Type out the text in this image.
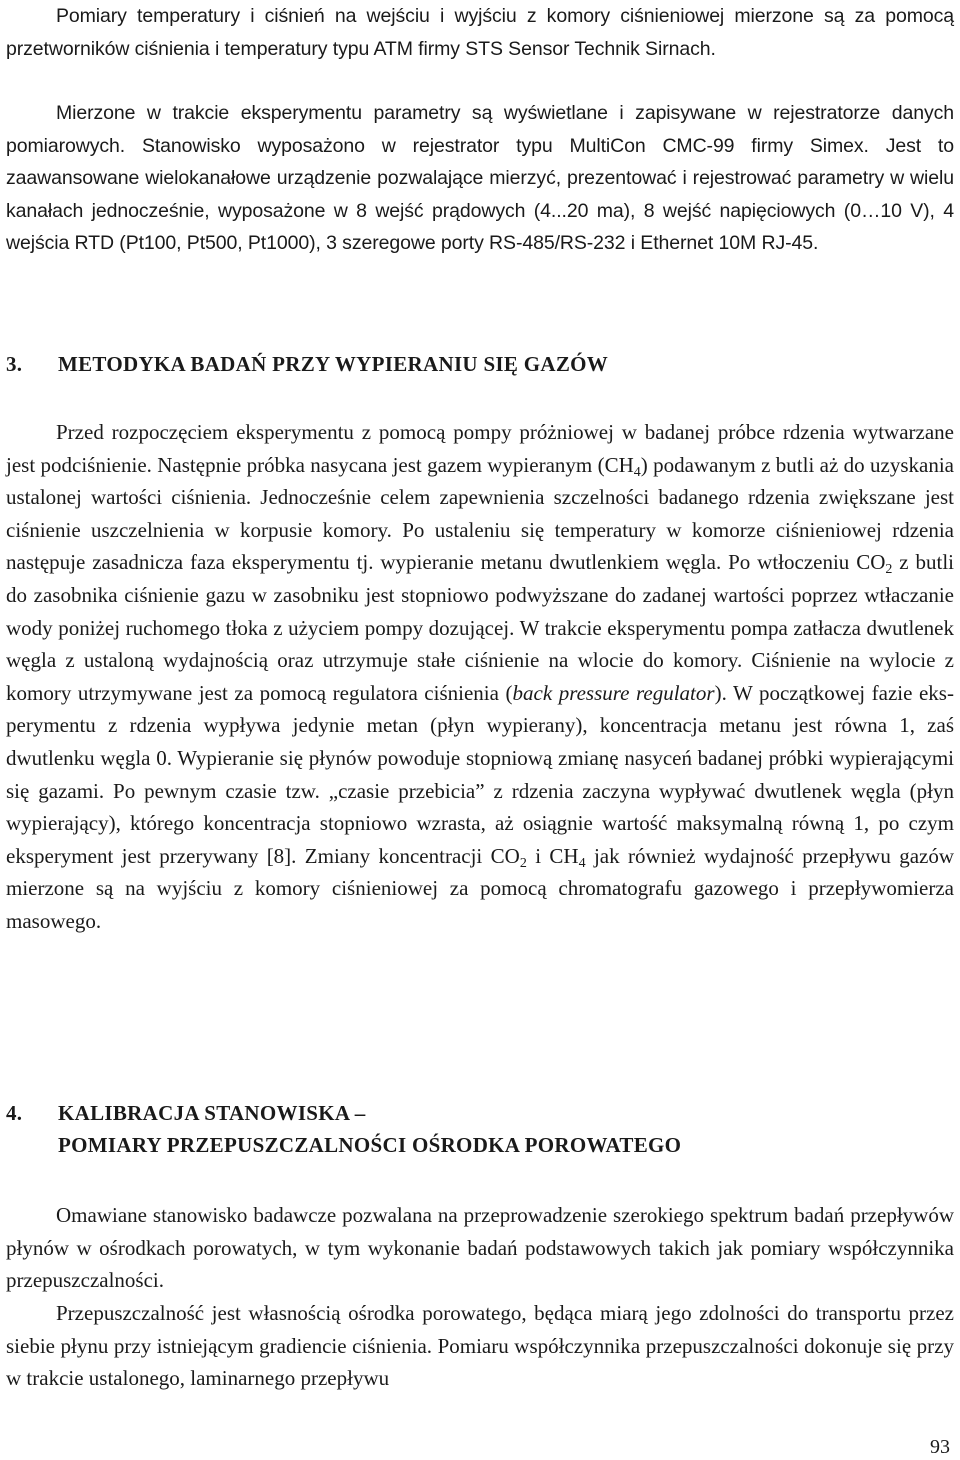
Pomiary temperatury i ciśnień na wejściu i wyjściu z komory ciśnieniowej mierzone są za pomocą przetworników ciśnienia i temperatury typu ATM firmy STS Sensor Technik Sirnach.

Mierzone w trakcie eksperymentu parametry są wyświetlane i zapisywane w rejestratorze danych pomiarowych. Stanowisko wyposażono w rejestrator typu MultiCon CMC-99 firmy Simex. Jest to zaawansowane wielokanałowe urządzenie pozwalające mierzyć, prezentować i rejestrować parametry w wielu kanałach jednocześnie, wyposażone w 8 wejść prądowych (4...20 ma), 8 wejść napięciowych (0…10 V), 4 wejścia RTD (Pt100, Pt500, Pt1000), 3 szeregowe porty RS-485/RS-232 i Ethernet 10M RJ-45.

3. METODYKA BADAŃ PRZY WYPIERANIU SIĘ GAZÓW

Przed rozpoczęciem eksperymentu z pomocą pompy próżniowej w badanej próbce rdzenia wytwarzane jest podciśnienie. Następnie próbka nasycana jest gazem wypieranym $(CH_4)$ podawanym z butli aż do uzyskania ustalonej wartości ciśnienia. Jednocześnie celem zapewnienia szczelności badanego rdzenia zwiększane jest ciśnienie uszczelnienia w korpusie komory. Po ustaleniu się temperatury w komorze ciśnieniowej rdzenia następuje zasadnicza faza eksperymentu tj. wypieranie metanu dwutlenkiem węgla. Po wtłoczeniu $CO_2$ z butli do zasobnika ciśnienie gazu w zasobniku jest stopniowo podwyższane do zadanej wartości poprzez wtłaczanie wody poniżej ruchomego tłoka z użyciem pompy dozującej. W trakcie eksperymentu pompa zatłacza dwutlenek węgla z ustaloną wydajnością oraz utrzymuje stałe ciśnienie na wlocie do komory. Ciśnienie na wylocie z komory utrzymywane jest za pomocą regulatora ciśnienia (back pressure regulator). W początkowej fazie eksperymentu z rdzenia wypływa jedynie metan (płyn wypierany), koncentracja metanu jest równa 1, zaś dwutlenku węgla 0. Wypieranie się płynów powoduje stopniową zmianę nasyceń badanej próbki wypierającymi się gazami. Po pewnym czasie tzw. „czasie przebicia” z rdzenia zaczyna wypływać dwutlenek węgla (płyn wypierający), którego koncentracja stopniowo wzrasta, aż osiągnie wartość maksymalną równą 1, po czym eksperyment jest przerywany [8]. Zmiany koncentracji $CO_2$ i $CH_4$ jak również wydajność przepływu gazów mierzone są na wyjściu z komory ciśnieniowej za pomocą chromatografu gazowego i przepływomierza masowego.

4. KALIBRACJA STANOWISKA –
POMIARY PRZEPUSZCZALNOŚCI OŚRODKA POROWATEGO

Omawiane stanowisko badawcze pozwalana na przeprowadzenie szerokiego spektrum badań przepływów płynów w ośrodkach porowatych, w tym wykonanie badań podstawowych takich jak pomiary współczynnika przepuszczalności.

Przepuszczalność jest własnością ośrodka porowatego, będąca miarą jego zdolności do transportu przez siebie płynu przy istniejącym gradiencie ciśnienia. Pomiaru współczynnika przepuszczalności dokonuje się przy w trakcie ustalonego, laminarnego przepływu

93
